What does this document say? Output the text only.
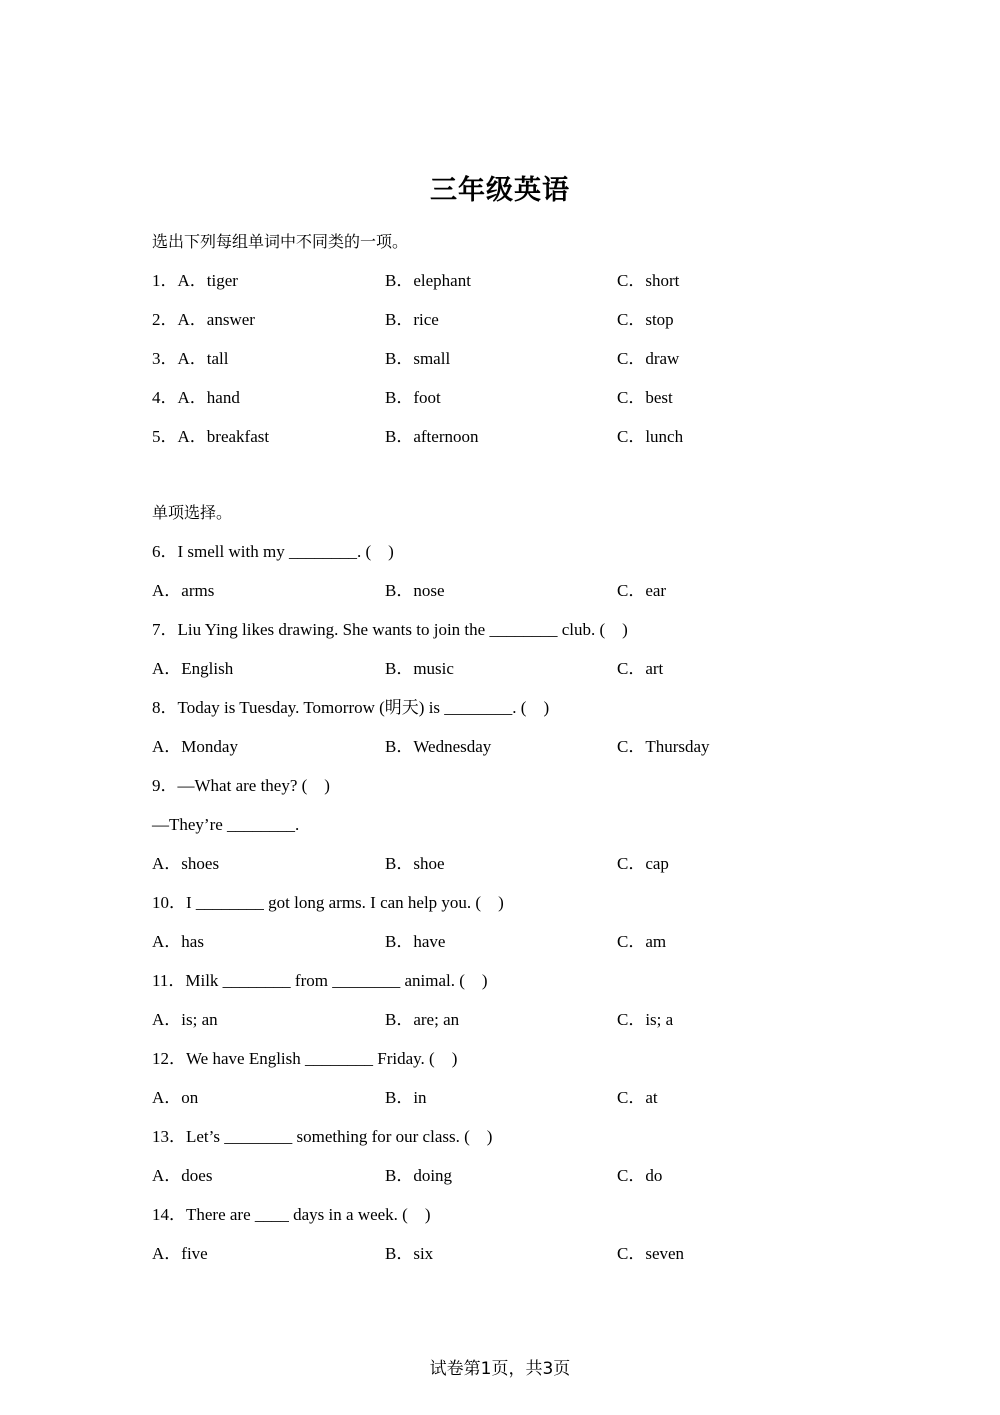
三年级英语
选出下列每组单词中不同类的一项。
1．A．tiger	B．elephant	C．short
2．A．answer	B．rice	C．stop
3．A．tall	B．small	C．draw
4．A．hand	B．foot	C．best
5．A．breakfast	B．afternoon	C．lunch
单项选择。
6．I smell with my ________. (　)
A．arms	B．nose	C．ear
7．Liu Ying likes drawing. She wants to join the ________ club. (　)
A．English	B．music	C．art
8．Today is Tuesday. Tomorrow (明天) is ________. (　)
A．Monday	B．Wednesday	C．Thursday
9．—What are they? (　)
—They’re ________.
A．shoes	B．shoe	C．cap
10．I ________ got long arms. I can help you. (　)
A．has	B．have	C．am
11．Milk ________ from ________ animal. (　)
A．is; an	B．are; an	C．is; a
12．We have English ________ Friday. (　)
A．on	B．in	C．at
13．Let’s ________ something for our class. (　)
A．does	B．doing	C．do
14．There are ____ days in a week. (　)
A．five	B．six	C．seven
试卷第1页，共3页
